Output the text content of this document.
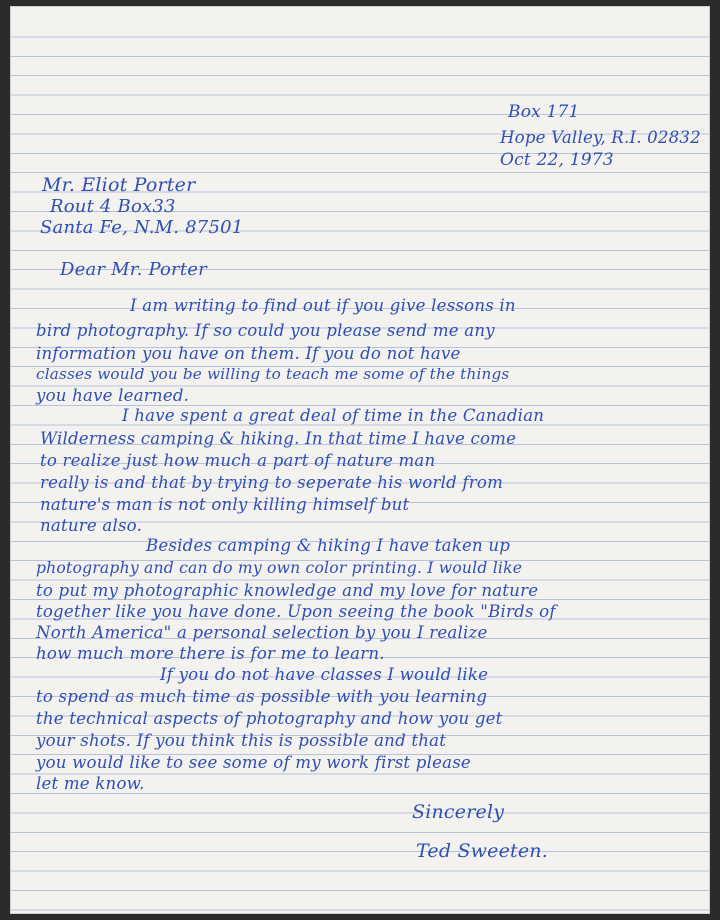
Box 171
Hope Valley, R.I. 02832
Oct 22, 1973
Mr. Eliot Porter
Rout 4 Box33
Santa Fe, N.M. 87501
Dear Mr. Porter
I am writing to find out if you give lessons in
bird photography. If so could you please send me any
information you have on them. If you do not have
classes would you be willing to teach me some of the things
you have learned.
I have spent a great deal of time in the Canadian
Wilderness camping & hiking. In that time I have come
to realize just how much a part of nature man
really is and that by trying to seperate his world from
nature's man is not only killing himself but
nature also.
Besides camping & hiking I have taken up
photography and can do my own color printing. I would like
to put my photographic knowledge and my love for nature
together like you have done. Upon seeing the book "Birds of
North America" a personal selection by you I realize
how much more there is for me to learn.
If you do not have classes I would like
to spend as much time as possible with you learning
the technical aspects of photography and how you get
your shots. If you think this is possible and that
you would like to see some of my work first please
let me know.
Sincerely
Ted Sweeten.
